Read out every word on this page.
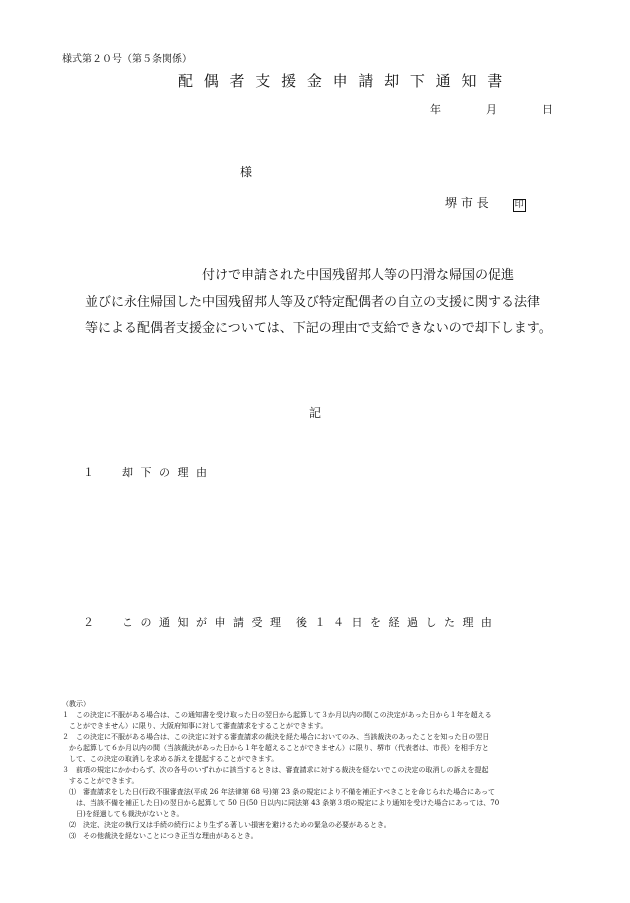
様式第２０号（第５条関係）
配 偶 者 支 援 金 申 請 却 下 通 知 書
年	月	日
様
堺 市 長	印

　　　　　　　　　付けで申請された中国残留邦人等の円滑な帰国の促進

並びに永住帰国した中国残留邦人等及び特定配偶者の自立の支援に関する法律

等による配偶者支援金については、下記の理由で支給できないので却下します。

記
１　　却 下 の 理 由
２　　こ の 通 知 が 申 請 受 理　後 １ ４ 日 を 経 過 し た 理 由
（教示）
１　この決定に不服がある場合は、この通知書を受け取った日の翌日から起算して３か月以内の間(この決定があった日から１年を超える
　ことができません）に限り、大阪府知事に対して審査請求をすることができます。
２　この決定に不服がある場合は、この決定に対する審査請求の裁決を経た場合においてのみ、当該裁決のあったことを知った日の翌日
　から起算して６か月以内の間（当該裁決があった日から１年を超えることができません）に限り、堺市（代表者は、市長）を相手方と
　して、この決定の取消しを求める訴えを提起することができます。
３　前項の規定にかかわらず、次の各号のいずれかに該当するときは、審査請求に対する裁決を経ないでこの決定の取消しの訴えを提起
　することができます。
　⑴　審査請求をした日(行政不服審査法(平成 26 年法律第 68 号)第 23 条の規定により不備を補正すべきことを命じられた場合にあって
　　は、当該不備を補正した日)の翌日から起算して 50 日(50 日以内に同法第 43 条第３項の規定により通知を受けた場合にあっては、70
　　日)を経過しても裁決がないとき。
　⑵　決定、決定の執行又は手続の続行により生ずる著しい損害を避けるための緊急の必要があるとき。
　⑶　その他裁決を経ないことにつき正当な理由があるとき。
